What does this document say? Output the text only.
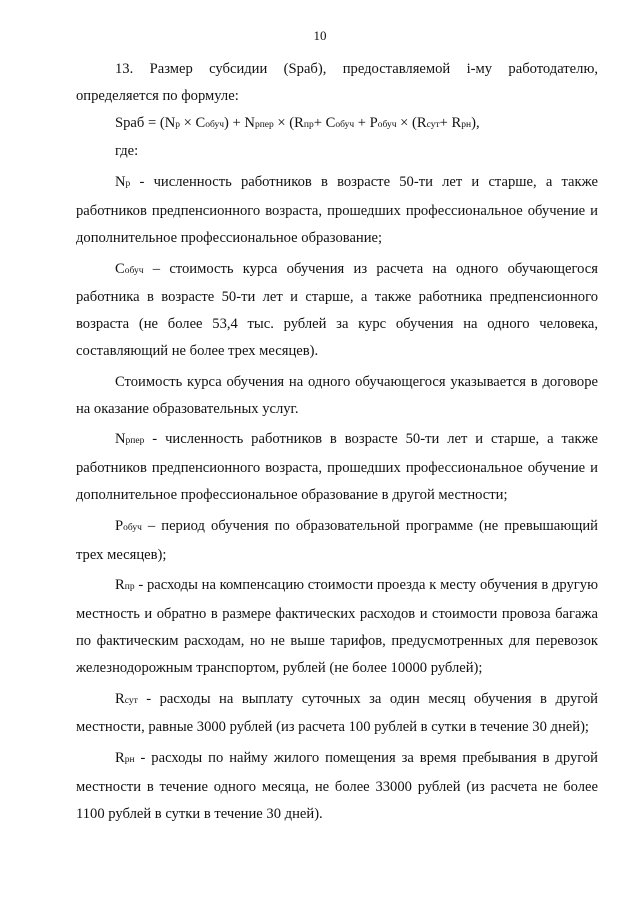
10

13. Размер субсидии (Sраб), предоставляемой i-му работодателю, определяется по формуле:

Sраб = (Nр × Собуч) + Nрпер × (Rпр+ Собуч + Робуч × (Rсут+ Rрн),

где:

Nр - численность работников в возрасте 50-ти лет и старше, а также работников предпенсионного возраста, прошедших профессиональное обучение и дополнительное профессиональное образование;

Собуч – стоимость курса обучения из расчета на одного обучающегося работника в возрасте 50-ти лет и старше, а также работника предпенсионного возраста (не более 53,4 тыс. рублей за курс обучения на одного человека, составляющий не более трех месяцев).

Стоимость курса обучения на одного обучающегося указывается в договоре на оказание образовательных услуг.

Nрпер - численность работников в возрасте 50-ти лет и старше, а также работников предпенсионного возраста, прошедших профессиональное обучение и дополнительное профессиональное образование в другой местности;

Робуч – период обучения по образовательной программе (не превышающий трех месяцев);

Rпр - расходы на компенсацию стоимости проезда к месту обучения в другую местность и обратно в размере фактических расходов и стоимости провоза багажа по фактическим расходам, но не выше тарифов, предусмотренных для перевозок железнодорожным транспортом, рублей (не более 10000 рублей);

Rсут - расходы на выплату суточных за один месяц обучения в другой местности, равные 3000 рублей (из расчета 100 рублей в сутки в течение 30 дней);

Rрн - расходы по найму жилого помещения за время пребывания в другой местности в течение одного месяца, не более 33000 рублей (из расчета не более 1100 рублей в сутки в течение 30 дней).
